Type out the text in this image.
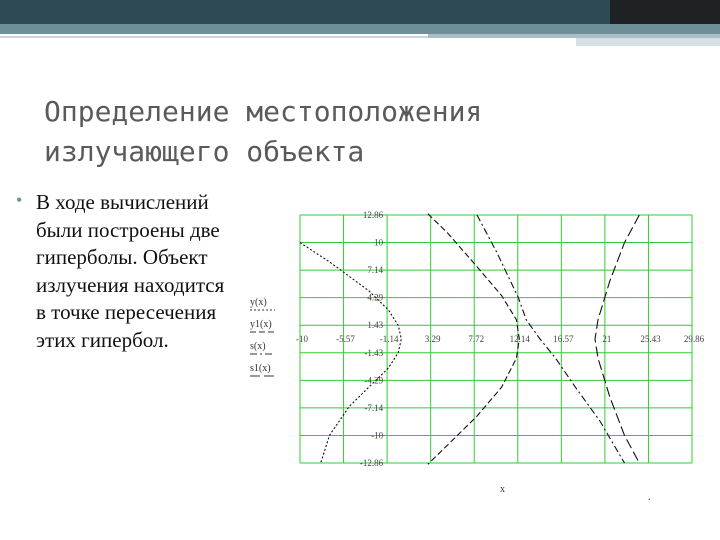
Определение местоположения
излучающего объекта
• В ходе вычислений были построены две гиперболы. Объект излучения находится в точке пересечения этих гипербол.	-10	-5.57	-1.14	3.29	7.72	12.14	16.57	21	25.43	29.86
12.86
10
7.14
4.29
1.43
-1.43
-4.29
-7.14
-10
-12.86
y(x)
y1(x)
s(x)
s1(x)
x
.
